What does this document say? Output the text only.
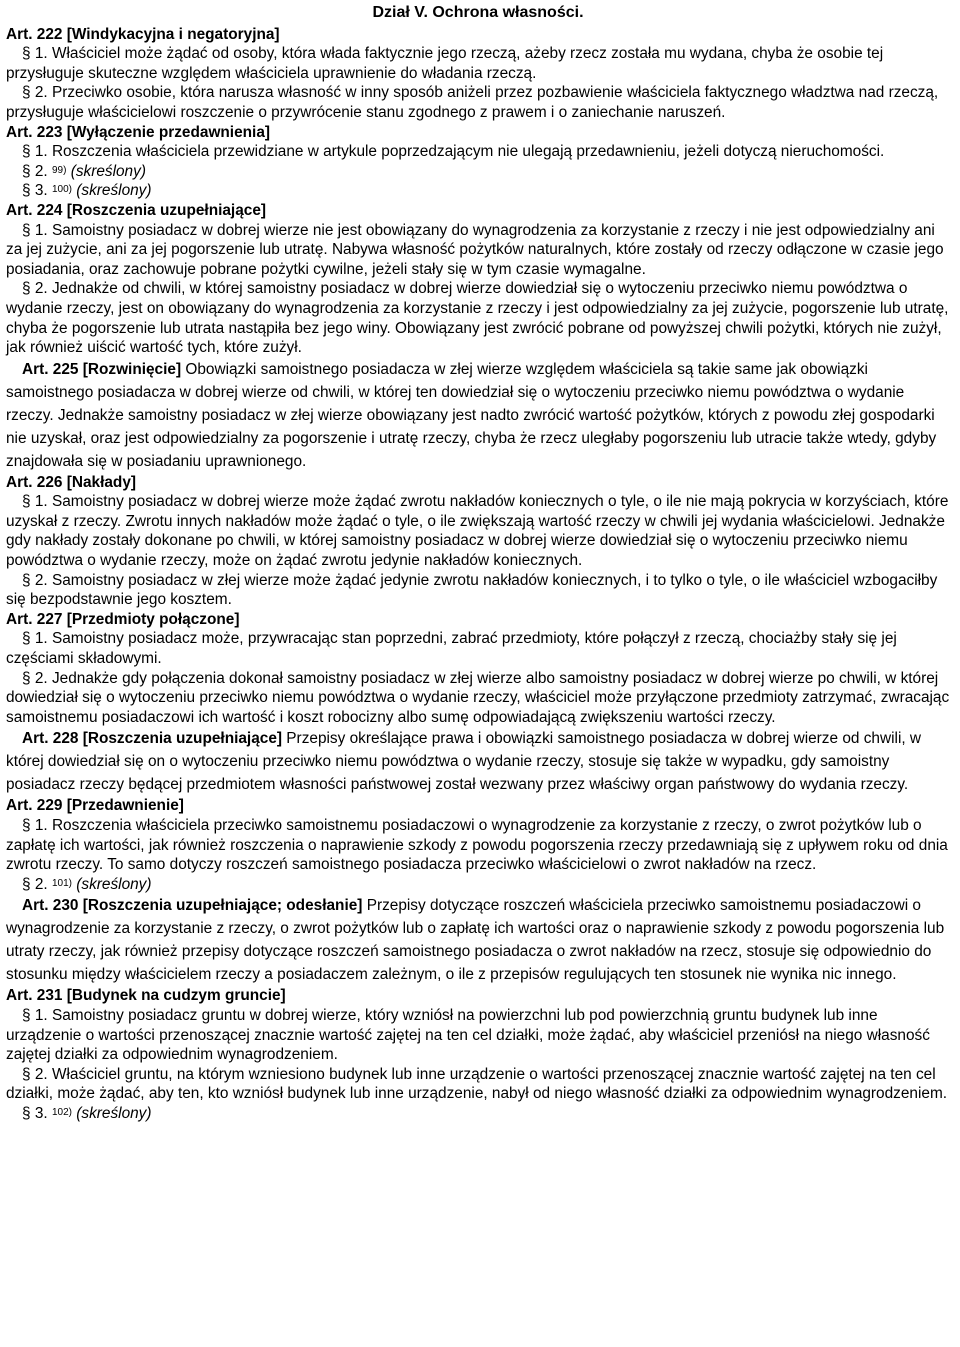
Dział V. Ochrona własności.

Art. 222 [Windykacyjna i negatoryjna]

§ 1. Właściciel może żądać od osoby, która włada faktycznie jego rzeczą, ażeby rzecz została mu wydana, chyba że osobie tej przysługuje skuteczne względem właściciela uprawnienie do władania rzeczą.

§ 2. Przeciwko osobie, która narusza własność w inny sposób aniżeli przez pozbawienie właściciela faktycznego władztwa nad rzeczą, przysługuje właścicielowi roszczenie o przywrócenie stanu zgodnego z prawem i o zaniechanie naruszeń.

Art. 223 [Wyłączenie przedawnienia]

§ 1. Roszczenia właściciela przewidziane w artykule poprzedzającym nie ulegają przedawnieniu, jeżeli dotyczą nieruchomości.

§ 2. $^{99)}$ (skreślony)

§ 3. $^{100)}$ (skreślony)

Art. 224 [Roszczenia uzupełniające]

§ 1. Samoistny posiadacz w dobrej wierze nie jest obowiązany do wynagrodzenia za korzystanie z rzeczy i nie jest odpowiedzialny ani za jej zużycie, ani za jej pogorszenie lub utratę. Nabywa własność pożytków naturalnych, które zostały od rzeczy odłączone w czasie jego posiadania, oraz zachowuje pobrane pożytki cywilne, jeżeli stały się w tym czasie wymagalne.

§ 2. Jednakże od chwili, w której samoistny posiadacz w dobrej wierze dowiedział się o wytoczeniu przeciwko niemu powództwa o wydanie rzeczy, jest on obowiązany do wynagrodzenia za korzystanie z rzeczy i jest odpowiedzialny za jej zużycie, pogorszenie lub utratę, chyba że pogorszenie lub utrata nastąpiła bez jego winy. Obowiązany jest zwrócić pobrane od powyższej chwili pożytki, których nie zużył, jak również uiścić wartość tych, które zużył.

Art. 225 [Rozwinięcie] Obowiązki samoistnego posiadacza w złej wierze względem właściciela są takie same jak obowiązki samoistnego posiadacza w dobrej wierze od chwili, w której ten dowiedział się o wytoczeniu przeciwko niemu powództwa o wydanie rzeczy. Jednakże samoistny posiadacz w złej wierze obowiązany jest nadto zwrócić wartość pożytków, których z powodu złej gospodarki nie uzyskał, oraz jest odpowiedzialny za pogorszenie i utratę rzeczy, chyba że rzecz uległaby pogorszeniu lub utracie także wtedy, gdyby znajdowała się w posiadaniu uprawnionego.

Art. 226 [Nakłady]

§ 1. Samoistny posiadacz w dobrej wierze może żądać zwrotu nakładów koniecznych o tyle, o ile nie mają pokrycia w korzyściach, które uzyskał z rzeczy. Zwrotu innych nakładów może żądać o tyle, o ile zwiększają wartość rzeczy w chwili jej wydania właścicielowi. Jednakże gdy nakłady zostały dokonane po chwili, w której samoistny posiadacz w dobrej wierze dowiedział się o wytoczeniu przeciwko niemu powództwa o wydanie rzeczy, może on żądać zwrotu jedynie nakładów koniecznych.

§ 2. Samoistny posiadacz w złej wierze może żądać jedynie zwrotu nakładów koniecznych, i to tylko o tyle, o ile właściciel wzbogaciłby się bezpodstawnie jego kosztem.

Art. 227 [Przedmioty połączone]

§ 1. Samoistny posiadacz może, przywracając stan poprzedni, zabrać przedmioty, które połączył z rzeczą, chociażby stały się jej częściami składowymi.

§ 2. Jednakże gdy połączenia dokonał samoistny posiadacz w złej wierze albo samoistny posiadacz w dobrej wierze po chwili, w której dowiedział się o wytoczeniu przeciwko niemu powództwa o wydanie rzeczy, właściciel może przyłączone przedmioty zatrzymać, zwracając samoistnemu posiadaczowi ich wartość i koszt robocizny albo sumę odpowiadającą zwiększeniu wartości rzeczy.

Art. 228 [Roszczenia uzupełniające] Przepisy określające prawa i obowiązki samoistnego posiadacza w dobrej wierze od chwili, w której dowiedział się on o wytoczeniu przeciwko niemu powództwa o wydanie rzeczy, stosuje się także w wypadku, gdy samoistny posiadacz rzeczy będącej przedmiotem własności państwowej został wezwany przez właściwy organ państwowy do wydania rzeczy.

Art. 229 [Przedawnienie]

§ 1. Roszczenia właściciela przeciwko samoistnemu posiadaczowi o wynagrodzenie za korzystanie z rzeczy, o zwrot pożytków lub o zapłatę ich wartości, jak również roszczenia o naprawienie szkody z powodu pogorszenia rzeczy przedawniają się z upływem roku od dnia zwrotu rzeczy. To samo dotyczy roszczeń samoistnego posiadacza przeciwko właścicielowi o zwrot nakładów na rzecz.

§ 2. $^{101)}$ (skreślony)

Art. 230 [Roszczenia uzupełniające; odesłanie] Przepisy dotyczące roszczeń właściciela przeciwko samoistnemu posiadaczowi o wynagrodzenie za korzystanie z rzeczy, o zwrot pożytków lub o zapłatę ich wartości oraz o naprawienie szkody z powodu pogorszenia lub utraty rzeczy, jak również przepisy dotyczące roszczeń samoistnego posiadacza o zwrot nakładów na rzecz, stosuje się odpowiednio do stosunku między właścicielem rzeczy a posiadaczem zależnym, o ile z przepisów regulujących ten stosunek nie wynika nic innego.

Art. 231 [Budynek na cudzym gruncie]

§ 1. Samoistny posiadacz gruntu w dobrej wierze, który wzniósł na powierzchni lub pod powierzchnią gruntu budynek lub inne urządzenie o wartości przenoszącej znacznie wartość zajętej na ten cel działki, może żądać, aby właściciel przeniósł na niego własność zajętej działki za odpowiednim wynagrodzeniem.

§ 2. Właściciel gruntu, na którym wzniesiono budynek lub inne urządzenie o wartości przenoszącej znacznie wartość zajętej na ten cel działki, może żądać, aby ten, kto wzniósł budynek lub inne urządzenie, nabył od niego własność działki za odpowiednim wynagrodzeniem.

§ 3. $^{102)}$ (skreślony)
